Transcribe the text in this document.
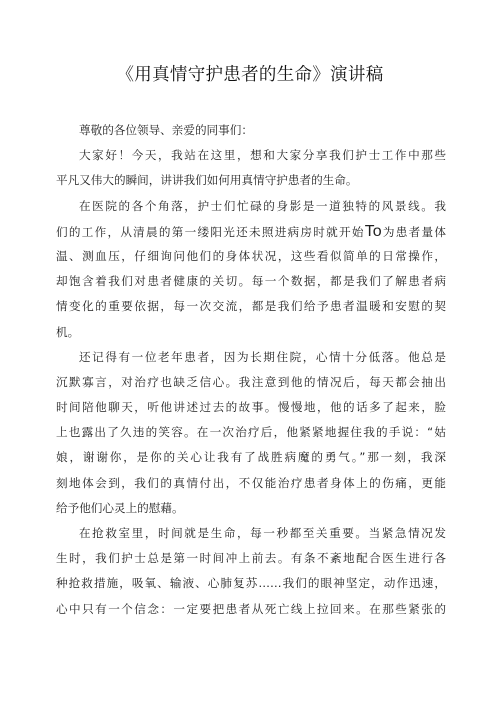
《用真情守护患者的生命》演讲稿
尊敬的各位领导、亲爱的同事们：
大家好！今天，我站在这里，想和大家分享我们护士工作中那些
平凡又伟大的瞬间，讲讲我们如何用真情守护患者的生命。
在医院的各个角落，护士们忙碌的身影是一道独特的风景线。我
们的工作，从清晨的第一缕阳光还未照进病房时就开始To为患者量体
温、测血压，仔细询问他们的身体状况，这些看似简单的日常操作，
却饱含着我们对患者健康的关切。每一个数据，都是我们了解患者病
情变化的重要依据，每一次交流，都是我们给予患者温暖和安慰的契
机。
还记得有一位老年患者，因为长期住院，心情十分低落。他总是
沉默寡言，对治疗也缺乏信心。我注意到他的情况后，每天都会抽出
时间陪他聊天，听他讲述过去的故事。慢慢地，他的话多了起来，脸
上也露出了久违的笑容。在一次治疗后，他紧紧地握住我的手说：“姑
娘，谢谢你，是你的关心让我有了战胜病魔的勇气。”那一刻，我深
刻地体会到，我们的真情付出，不仅能治疗患者身体上的伤痛，更能
给予他们心灵上的慰藉。
在抢救室里，时间就是生命，每一秒都至关重要。当紧急情况发
生时，我们护士总是第一时间冲上前去。有条不紊地配合医生进行各
种抢救措施，吸氧、输液、心肺复苏……我们的眼神坚定，动作迅速，
心中只有一个信念：一定要把患者从死亡线上拉回来。在那些紧张的
